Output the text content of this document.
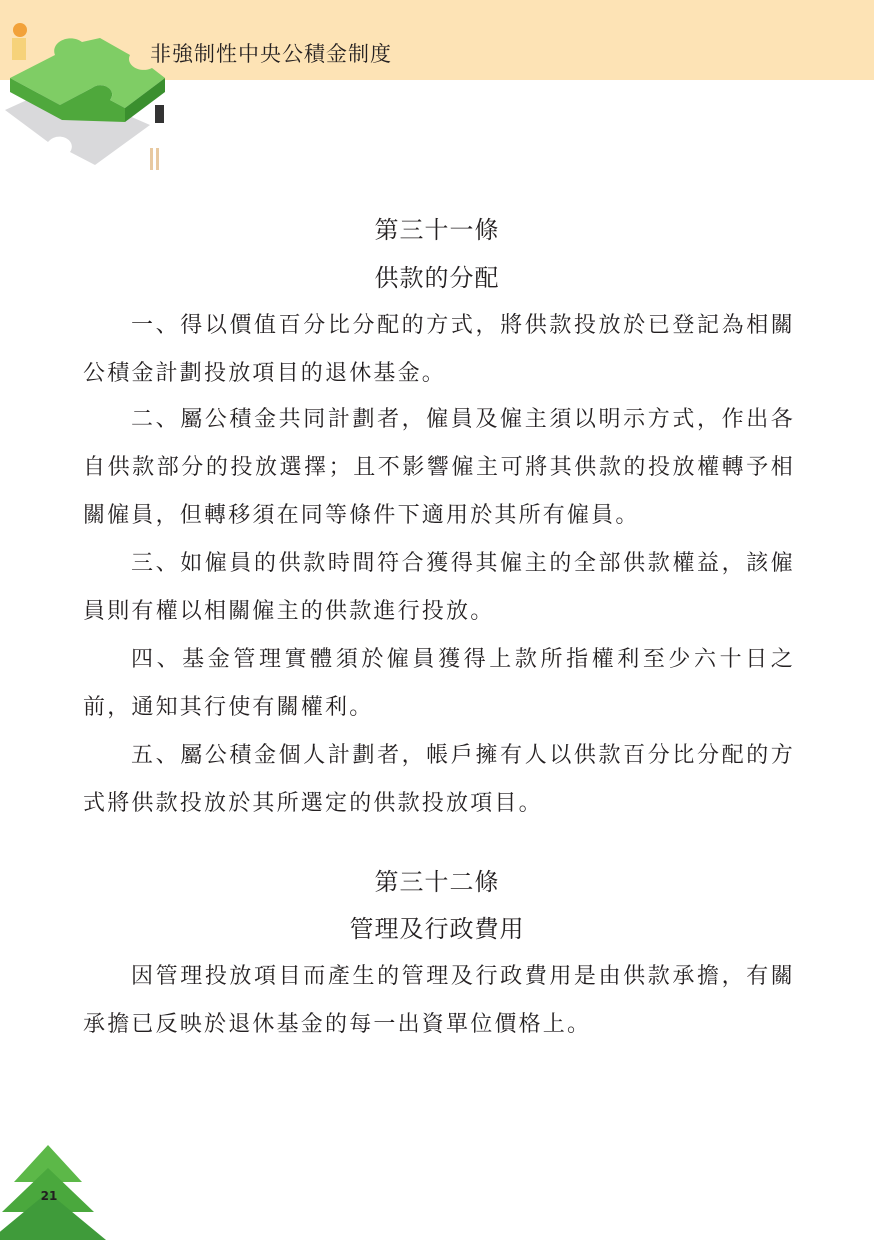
非強制性中央公積金制度
第三十一條
供款的分配

一、得以價值百分比分配的方式，將供款投放於已登記為相關公積金計劃投放項目的退休基金。

二、屬公積金共同計劃者，僱員及僱主須以明示方式，作出各自供款部分的投放選擇；且不影響僱主可將其供款的投放權轉予相關僱員，但轉移須在同等條件下適用於其所有僱員。

三、如僱員的供款時間符合獲得其僱主的全部供款權益，該僱員則有權以相關僱主的供款進行投放。

四、基金管理實體須於僱員獲得上款所指權利至少六十日之前，通知其行使有關權利。

五、屬公積金個人計劃者，帳戶擁有人以供款百分比分配的方式將供款投放於其所選定的供款投放項目。

第三十二條
管理及行政費用

因管理投放項目而產生的管理及行政費用是由供款承擔，有關承擔已反映於退休基金的每一出資單位價格上。

21
